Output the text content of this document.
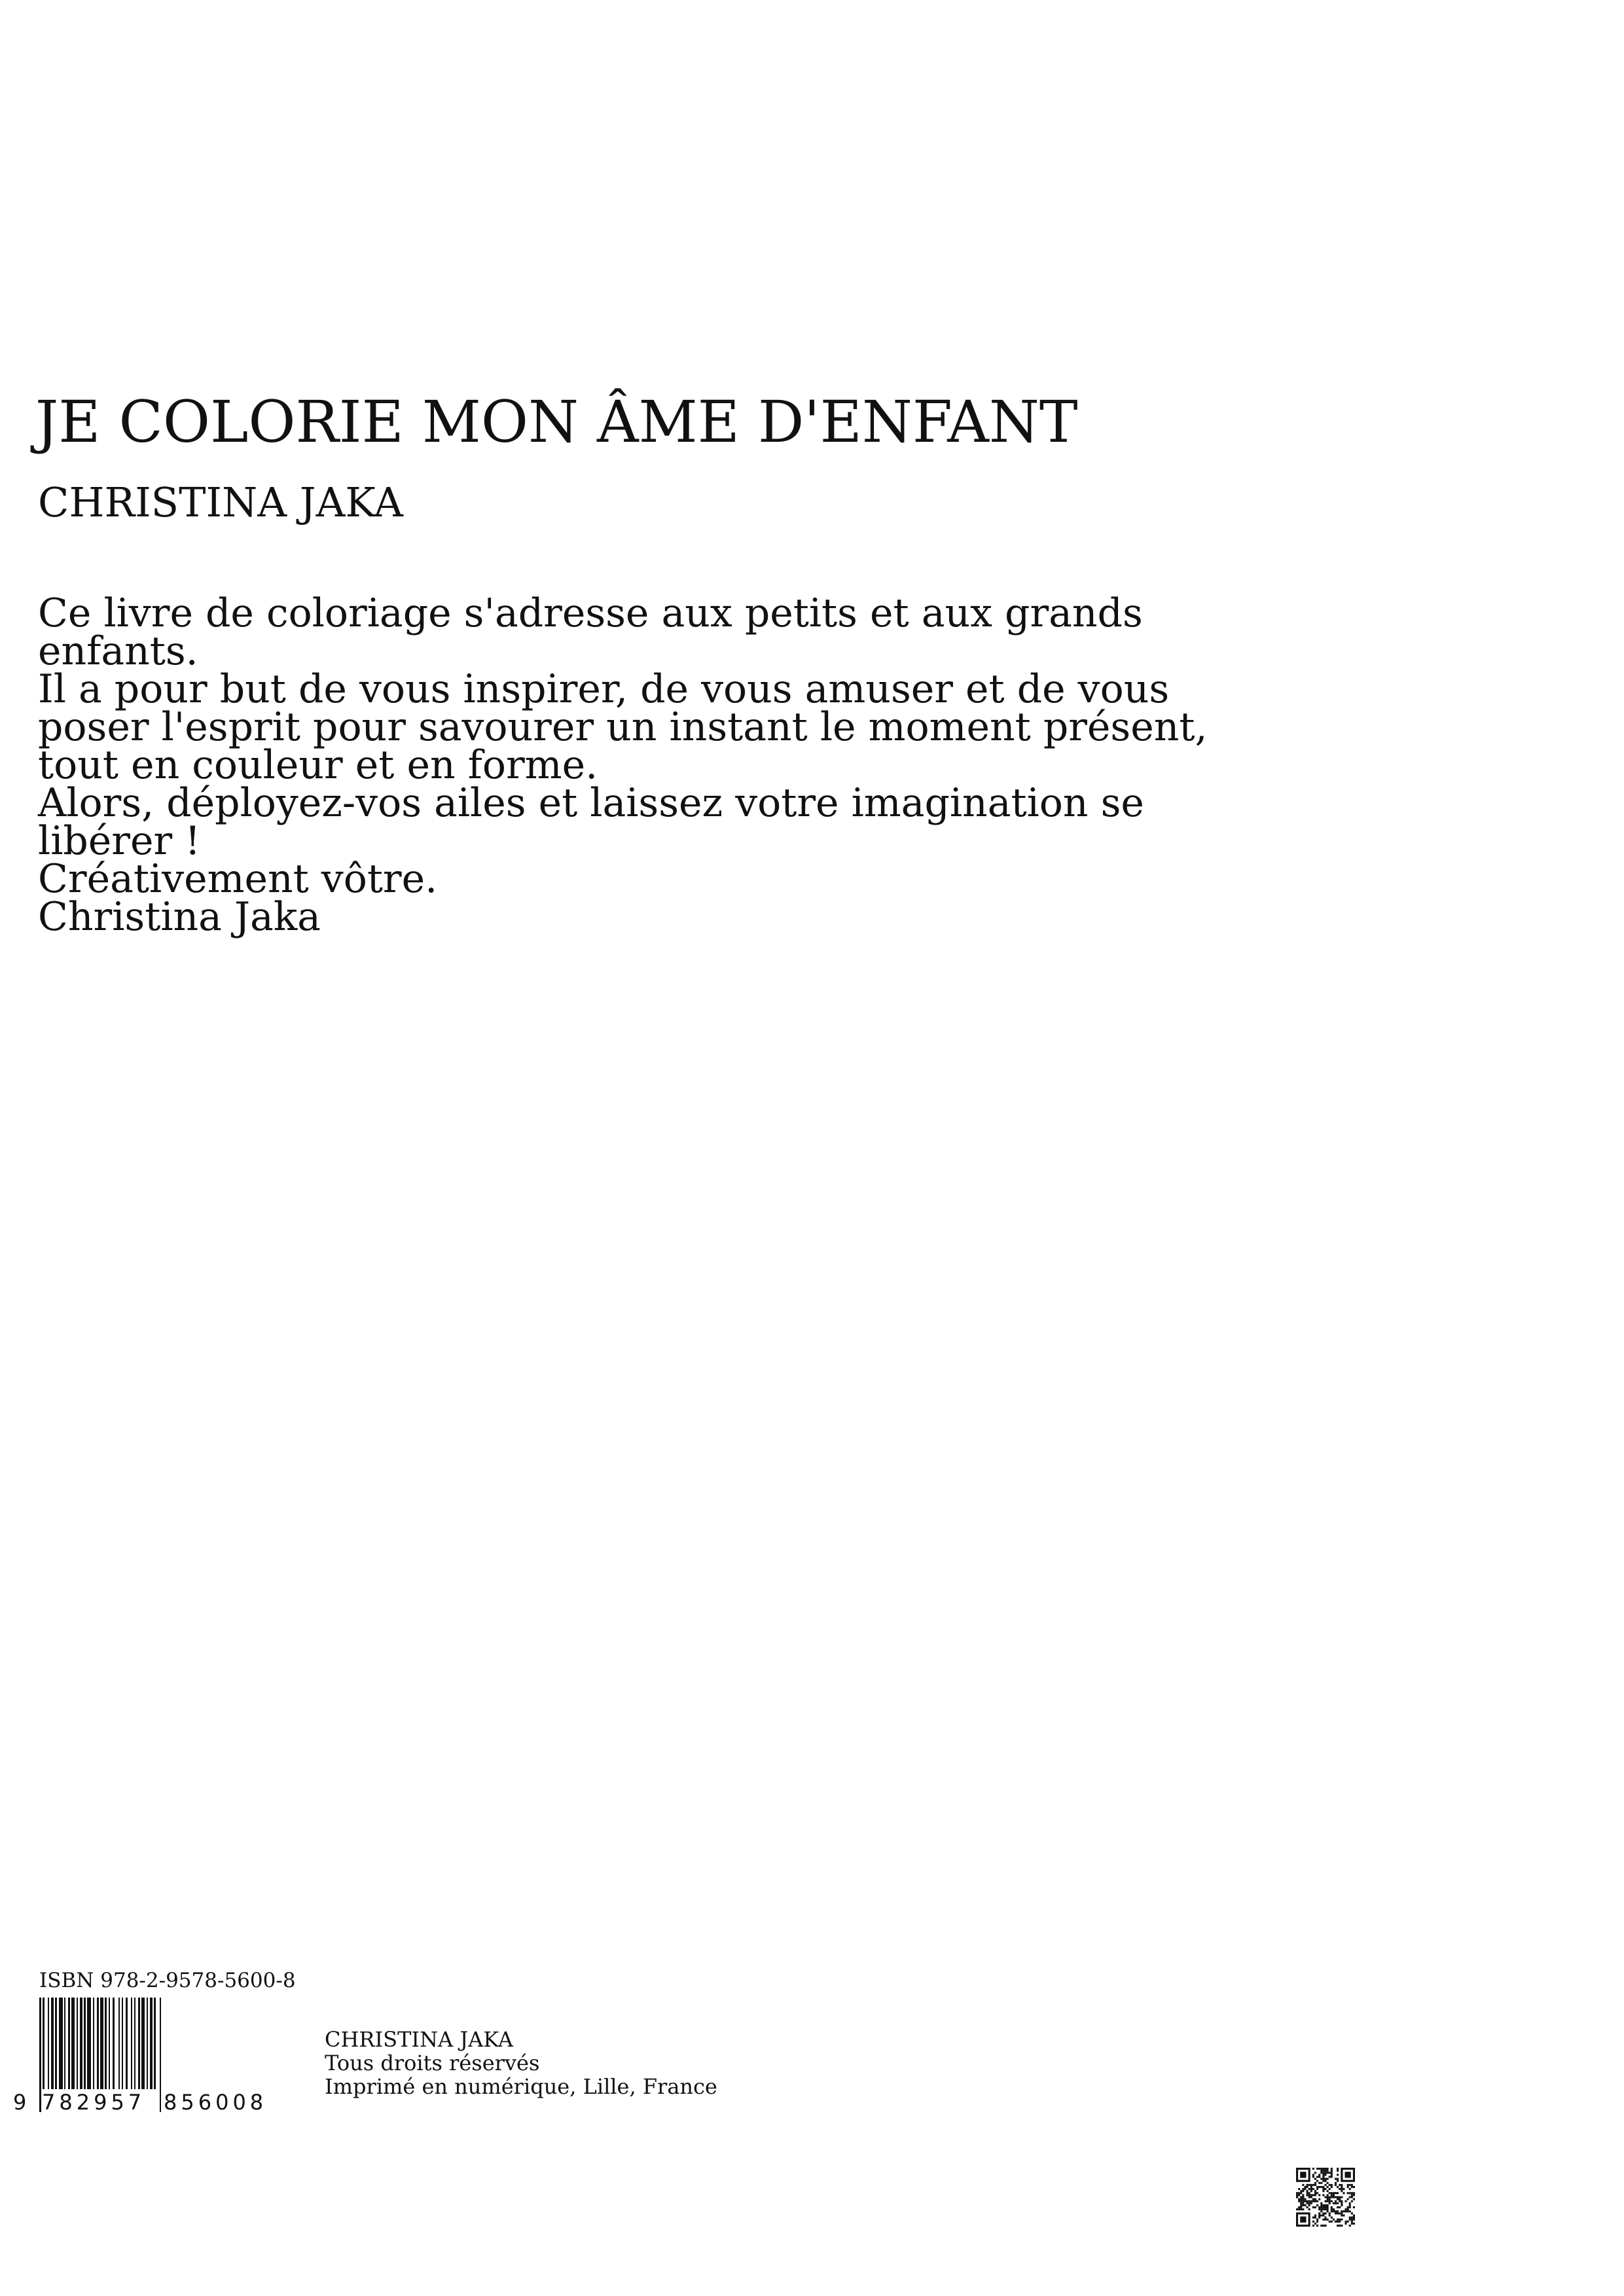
JE COLORIE MON ÂME D'ENFANT
CHRISTINA JAKA
Ce livre de coloriage s'adresse aux petits et aux grands
enfants.
Il a pour but de vous inspirer, de vous amuser et de vous
poser l'esprit pour savourer un instant le moment présent,
tout en couleur et en forme.
Alors, déployez-vos ailes et laissez votre imagination se
libérer !
Créativement vôtre.
Christina Jaka
ISBN 978-2-9578-5600-8
9 782957 856008
CHRISTINA JAKA
Tous droits réservés
Imprimé en numérique, Lille, France
